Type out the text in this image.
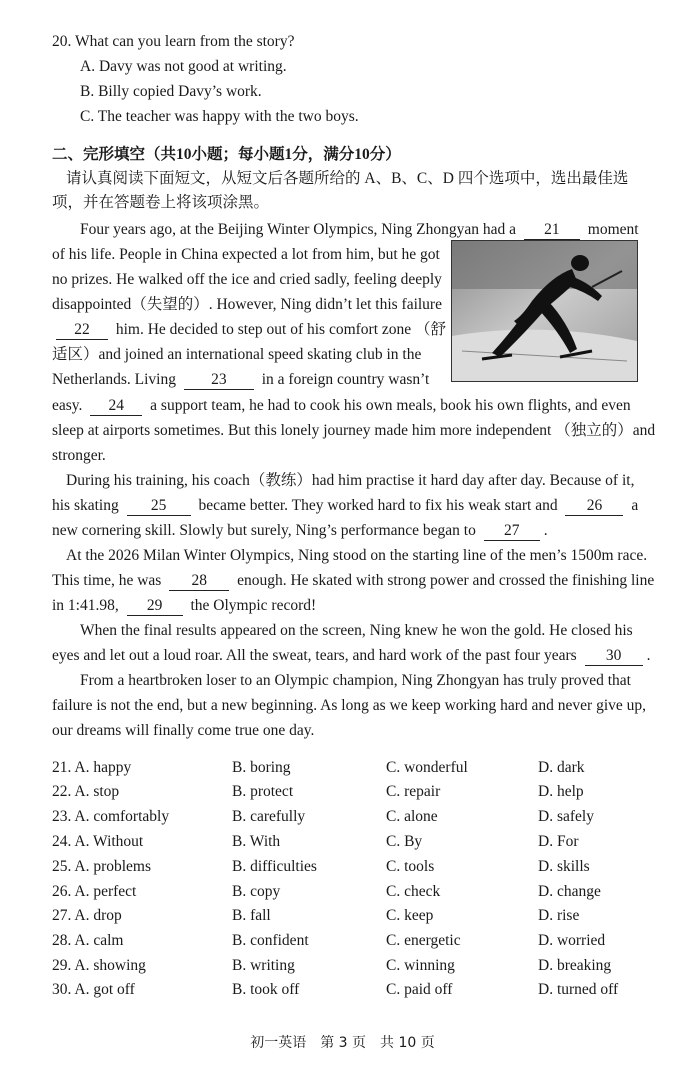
20. What can you learn from the story?
A. Davy was not good at writing.
B. Billy copied Davy’s work.
C. The teacher was happy with the two boys.
二、完形填空（共10小题；每小题1分，满分10分）
请认真阅读下面短文，从短文后各题所给的 A、B、C、D 四个选项中，选出最佳选
项，并在答题卷上将该项涂黑。
Four years ago, at the Beijing Winter Olympics, Ning Zhongyan had a 21 moment
of his life. People in China expected a lot from him, but he got
no prizes. He walked off the ice and cried sadly, feeling deeply
disappointed（失望的）. However, Ning didn’t let this failure
22 him. He decided to step out of his comfort zone （舒
适区）and joined an international speed skating club in the
Netherlands. Living 23 in a foreign country wasn’t
easy. 24 a support team, he had to cook his own meals, book his own flights, and even
sleep at airports sometimes. But this lonely journey made him more independent （独立的）and
stronger.
During his training, his coach（教练）had him practise it hard day after day. Because of it,
his skating 25 became better. They worked hard to fix his weak start and 26 a
new cornering skill. Slowly but surely, Ning’s performance began to 27 .
At the 2026 Milan Winter Olympics, Ning stood on the starting line of the men’s 1500m race.
This time, he was 28 enough. He skated with strong power and crossed the finishing line
in 1:41.98, 29 the Olympic record!
When the final results appeared on the screen, Ning knew he won the gold. He closed his
eyes and let out a loud roar. All the sweat, tears, and hard work of the past four years 30 .
From a heartbroken loser to an Olympic champion, Ning Zhongyan has truly proved that
failure is not the end, but a new beginning. As long as we keep working hard and never give up,
our dreams will finally come true one day.
21. A. happy	B. boring	C. wonderful	D. dark
22. A. stop	B. protect	C. repair	D. help
23. A. comfortably	B. carefully	C. alone	D. safely
24. A. Without	B. With	C. By	D. For
25. A. problems	B. difficulties	C. tools	D. skills
26. A. perfect	B. copy	C. check	D. change
27. A. drop	B. fall	C. keep	D. rise
28. A. calm	B. confident	C. energetic	D. worried
29. A. showing	B. writing	C. winning	D. breaking
30. A. got off	B. took off	C. paid off	D. turned off
初一英语　第 3 页　共 10 页
